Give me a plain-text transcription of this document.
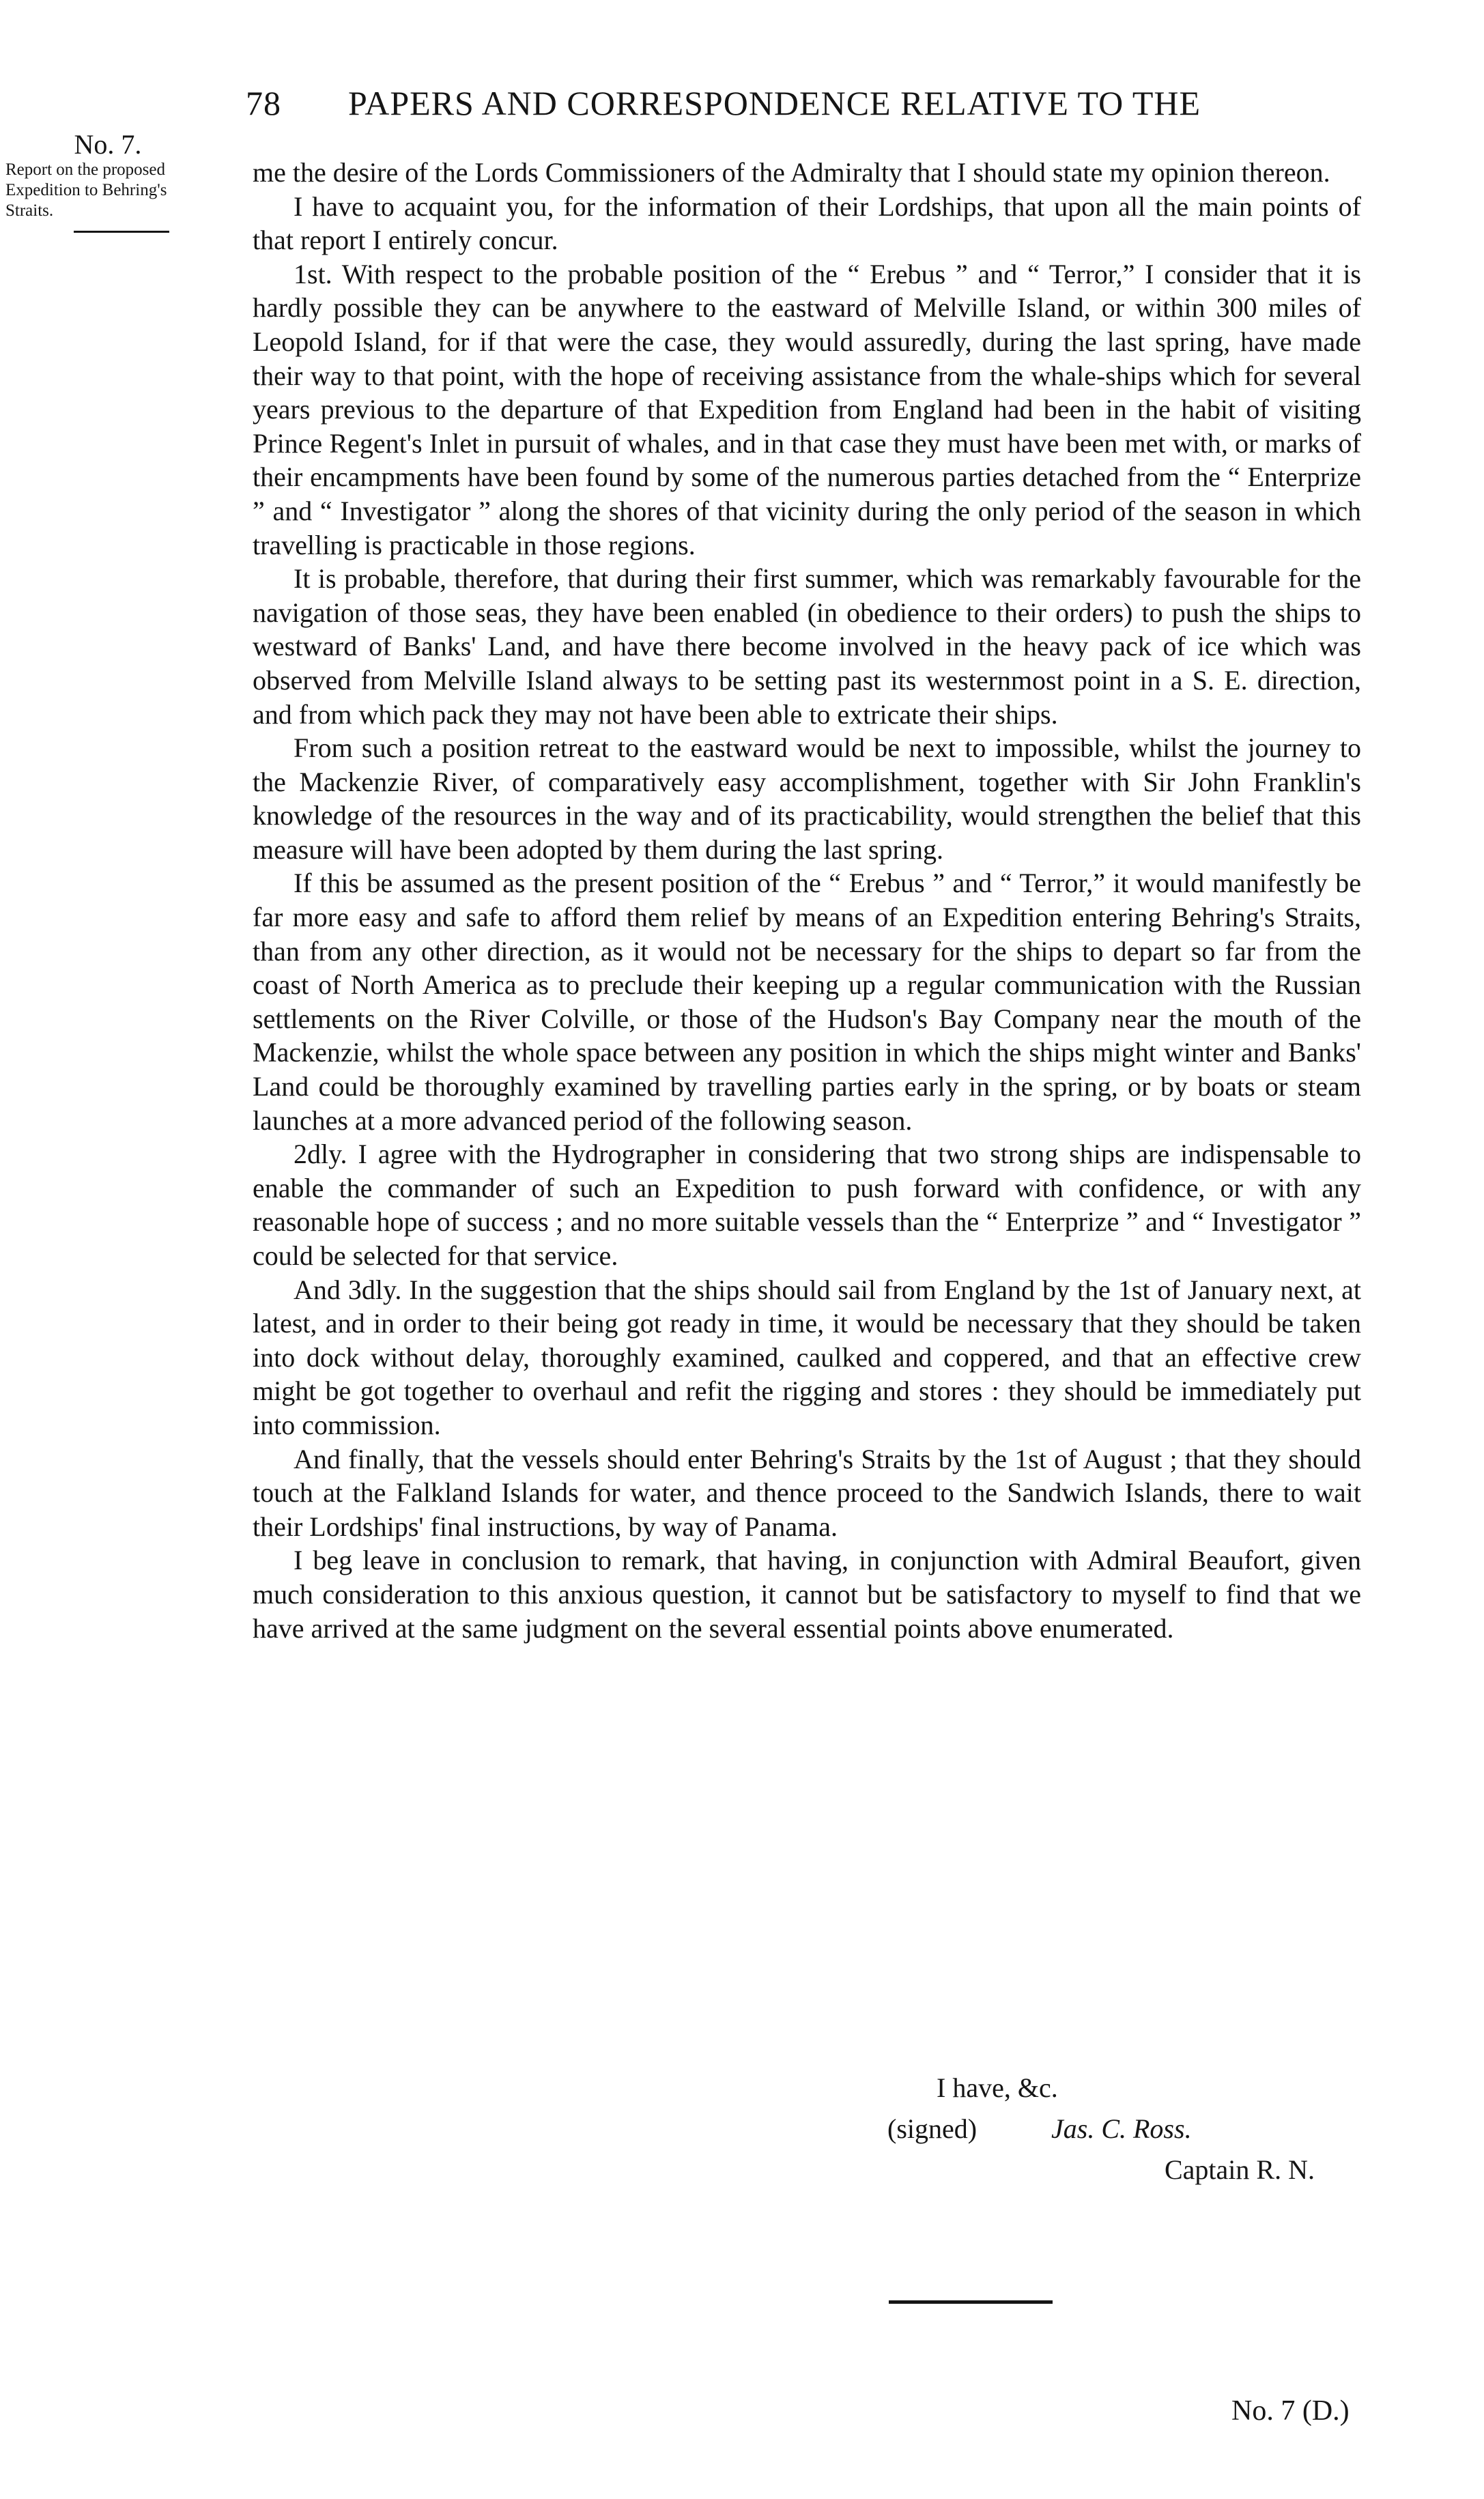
78 PAPERS AND CORRESPONDENCE RELATIVE TO THE
No. 7.
Report on the proposed Expedition to Behring's Straits.

me the desire of the Lords Commissioners of the Admiralty that I should state my opinion thereon.

I have to acquaint you, for the information of their Lordships, that upon all the main points of that report I entirely concur.

1st. With respect to the probable position of the “ Erebus ” and “ Terror,” I consider that it is hardly possible they can be anywhere to the eastward of Melville Island, or within 300 miles of Leopold Island, for if that were the case, they would assuredly, during the last spring, have made their way to that point, with the hope of receiving assistance from the whale-ships which for several years previous to the departure of that Expedition from England had been in the habit of visiting Prince Regent's Inlet in pursuit of whales, and in that case they must have been met with, or marks of their encampments have been found by some of the numerous parties detached from the “ Enterprize ” and “ Investigator ” along the shores of that vicinity during the only period of the season in which travelling is practicable in those regions.

It is probable, therefore, that during their first summer, which was remarkably favourable for the navigation of those seas, they have been enabled (in obedience to their orders) to push the ships to westward of Banks' Land, and have there become involved in the heavy pack of ice which was observed from Melville Island always to be setting past its westernmost point in a S. E. direction, and from which pack they may not have been able to extricate their ships.

From such a position retreat to the eastward would be next to impossible, whilst the journey to the Mackenzie River, of comparatively easy accomplishment, together with Sir John Franklin's knowledge of the resources in the way and of its practicability, would strengthen the belief that this measure will have been adopted by them during the last spring.

If this be assumed as the present position of the “ Erebus ” and “ Terror,” it would manifestly be far more easy and safe to afford them relief by means of an Expedition entering Behring's Straits, than from any other direction, as it would not be necessary for the ships to depart so far from the coast of North America as to preclude their keeping up a regular communication with the Russian settlements on the River Colville, or those of the Hudson's Bay Company near the mouth of the Mackenzie, whilst the whole space between any position in which the ships might winter and Banks' Land could be thoroughly examined by travelling parties early in the spring, or by boats or steam launches at a more advanced period of the following season.

2dly. I agree with the Hydrographer in considering that two strong ships are indispensable to enable the commander of such an Expedition to push forward with confidence, or with any reasonable hope of success ; and no more suitable vessels than the “ Enterprize ” and “ Investigator ” could be selected for that service.

And 3dly. In the suggestion that the ships should sail from England by the 1st of January next, at latest, and in order to their being got ready in time, it would be necessary that they should be taken into dock without delay, thoroughly examined, caulked and coppered, and that an effective crew might be got together to overhaul and refit the rigging and stores : they should be immediately put into commission.

And finally, that the vessels should enter Behring's Straits by the 1st of August ; that they should touch at the Falkland Islands for water, and thence proceed to the Sandwich Islands, there to wait their Lordships' final instructions, by way of Panama.

I beg leave in conclusion to remark, that having, in conjunction with Admiral Beaufort, given much consideration to this anxious question, it cannot but be satisfactory to myself to find that we have arrived at the same judgment on the several essential points above enumerated.

I have, &c.
(signed)	Jas. C. Ross.
Captain R. N.
No. 7 (D.)
